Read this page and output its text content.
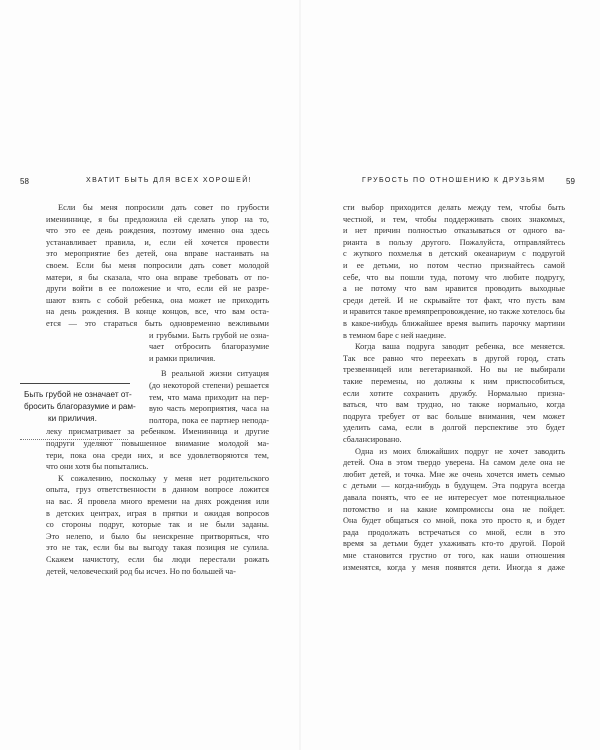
58	ХВАТИТ БЫТЬ ДЛЯ ВСЕХ ХОРОШЕЙ!
Если бы меня попросили дать совет по грубости
имениннице, я бы предложила ей сделать упор на то,
что это ее день рождения, поэтому именно она здесь
устанавливает правила, и, если ей хочется провести
это мероприятие без детей, она вправе настаивать на
своем. Если бы меня попросили дать совет молодой
матери, я бы сказала, что она вправе требовать от по-
други войти в ее положение и что, если ей не разре-
шают взять с собой ребенка, она может не приходить
на день рождения. В конце концов, все, что вам оста-
ется — это стараться быть одновременно вежливыми
и грубыми. Быть грубой не озна-
чает отбросить благоразумие
и рамки приличия.
В реальной жизни ситуация
(до некоторой степени) решается
тем, что мама приходит на пер-
вую часть мероприятия, часа на
полтора, пока ее партнер неподa-
леку присматривает за ребенком. Именинница и другие
подруги уделяют повышенное внимание молодой ма-
тери, пока она среди них, и все удовлетворяются тем,
что они хотя бы попытались.
К сожалению, поскольку у меня нет родительского
опыта, груз ответственности в данном вопросе ложится
на вас. Я провела много времени на днях рождения или
в детских центрах, играя в прятки и ожидая вопросов
со стороны подруг, которые так и не были заданы.
Это нелепо, и было бы неискренне притворяться, что
это не так, если бы вы выгоду такая позиция не сулила.
Скажем начистоту, если бы люди перестали рожать
детей, человеческий род бы исчез. Но по большей ча-
Быть грубой не означает от-
бросить благоразумие и рам-
ки приличия.
ГРУБОСТЬ ПО ОТНОШЕНИЮ К ДРУЗЬЯМ	59
сти выбор приходится делать между тем, чтобы быть
честной, и тем, чтобы поддерживать своих знакомых,
и нет причин полностью отказываться от одного ва-
рианта в пользу другого. Пожалуйста, отправляйтесь
с жуткого похмелья в детский океанариум с подругой
и ее детьми, но потом честно признайтесь самой
себе, что вы пошли туда, потому что любите подругу,
а не потому что вам нравится проводить выходные
среди детей. И не скрывайте тот факт, что пусть вам
и нравится такое времяпрепровождение, но также хотелось бы
в какое-нибудь ближайшее время выпить парочку мартини
в темном баре с ней наедине.
Когда ваша подруга заводит ребенка, все меняется.
Так все равно что переехать в другой город, стать
трезвенницей или вегетарианкой. Но вы не выбирали
такие перемены, но должны к ним приспособиться,
если хотите сохранить дружбу. Нормально призна-
ваться, что вам трудно, но также нормально, когда
подруга требует от вас больше внимания, чем может
уделить сама, если в долгой перспективе это будет
сбалансировано.
Одна из моих ближайших подруг не хочет заводить
детей. Она в этом твердо уверена. На самом деле она не
любит детей, и точка. Мне же очень хочется иметь семью
с детьми — когда-нибудь в будущем. Эта подруга всегда
давала понять, что ее не интересует мое потенциальное
потомство и на какие компромиссы она не пойдет.
Она будет общаться со мной, пока это просто я, и будет
рада продолжать встречаться со мной, если в это
время за детьми будет ухаживать кто-то другой. Порой
мне становится грустно от того, как наши отношения
изменятся, когда у меня появятся дети. Иногда я даже
